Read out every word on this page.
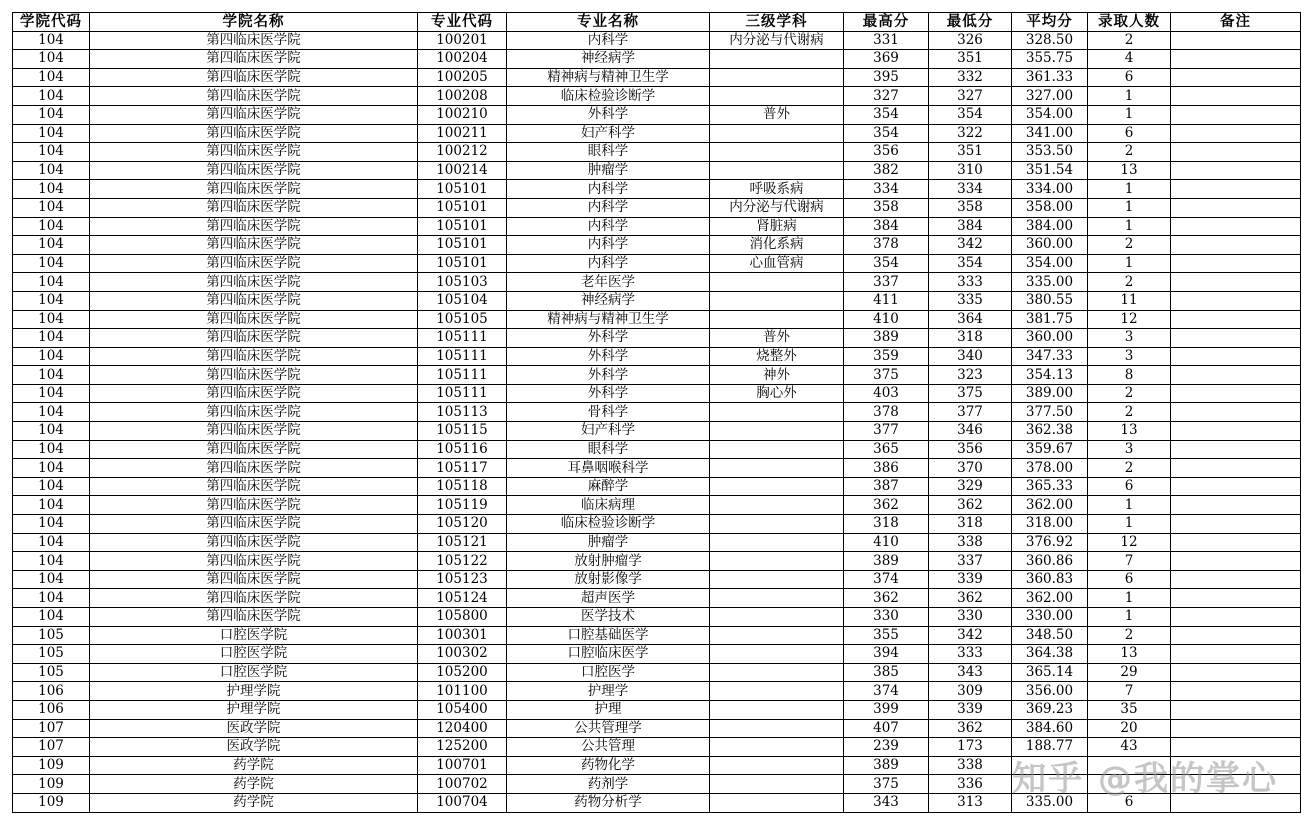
学院代码	学院名称	专业代码	专业名称	三级学科	最高分	最低分	平均分	录取人数	备注
104	第四临床医学院	100201	内科学	内分泌与代谢病	331	326	328.50	2	
104	第四临床医学院	100204	神经病学		369	351	355.75	4	
104	第四临床医学院	100205	精神病与精神卫生学		395	332	361.33	6	
104	第四临床医学院	100208	临床检验诊断学		327	327	327.00	1	
104	第四临床医学院	100210	外科学	普外	354	354	354.00	1	
104	第四临床医学院	100211	妇产科学		354	322	341.00	6	
104	第四临床医学院	100212	眼科学		356	351	353.50	2	
104	第四临床医学院	100214	肿瘤学		382	310	351.54	13	
104	第四临床医学院	105101	内科学	呼吸系病	334	334	334.00	1	
104	第四临床医学院	105101	内科学	内分泌与代谢病	358	358	358.00	1	
104	第四临床医学院	105101	内科学	肾脏病	384	384	384.00	1	
104	第四临床医学院	105101	内科学	消化系病	378	342	360.00	2	
104	第四临床医学院	105101	内科学	心血管病	354	354	354.00	1	
104	第四临床医学院	105103	老年医学		337	333	335.00	2	
104	第四临床医学院	105104	神经病学		411	335	380.55	11	
104	第四临床医学院	105105	精神病与精神卫生学		410	364	381.75	12	
104	第四临床医学院	105111	外科学	普外	389	318	360.00	3	
104	第四临床医学院	105111	外科学	烧整外	359	340	347.33	3	
104	第四临床医学院	105111	外科学	神外	375	323	354.13	8	
104	第四临床医学院	105111	外科学	胸心外	403	375	389.00	2	
104	第四临床医学院	105113	骨科学		378	377	377.50	2	
104	第四临床医学院	105115	妇产科学		377	346	362.38	13	
104	第四临床医学院	105116	眼科学		365	356	359.67	3	
104	第四临床医学院	105117	耳鼻咽喉科学		386	370	378.00	2	
104	第四临床医学院	105118	麻醉学		387	329	365.33	6	
104	第四临床医学院	105119	临床病理		362	362	362.00	1	
104	第四临床医学院	105120	临床检验诊断学		318	318	318.00	1	
104	第四临床医学院	105121	肿瘤学		410	338	376.92	12	
104	第四临床医学院	105122	放射肿瘤学		389	337	360.86	7	
104	第四临床医学院	105123	放射影像学		374	339	360.83	6	
104	第四临床医学院	105124	超声医学		362	362	362.00	1	
104	第四临床医学院	105800	医学技术		330	330	330.00	1	
105	口腔医学院	100301	口腔基础医学		355	342	348.50	2	
105	口腔医学院	100302	口腔临床医学		394	333	364.38	13	
105	口腔医学院	105200	口腔医学		385	343	365.14	29	
106	护理学院	101100	护理学		374	309	356.00	7	
106	护理学院	105400	护理		399	339	369.23	35	
107	医政学院	120400	公共管理学		407	362	384.60	20	
107	医政学院	125200	公共管理		239	173	188.77	43	
109	药学院	100701	药物化学		389	338			
109	药学院	100702	药剂学		375	336			
109	药学院	100704	药物分析学		343	313	335.00	6	
知乎 @我的掌心
